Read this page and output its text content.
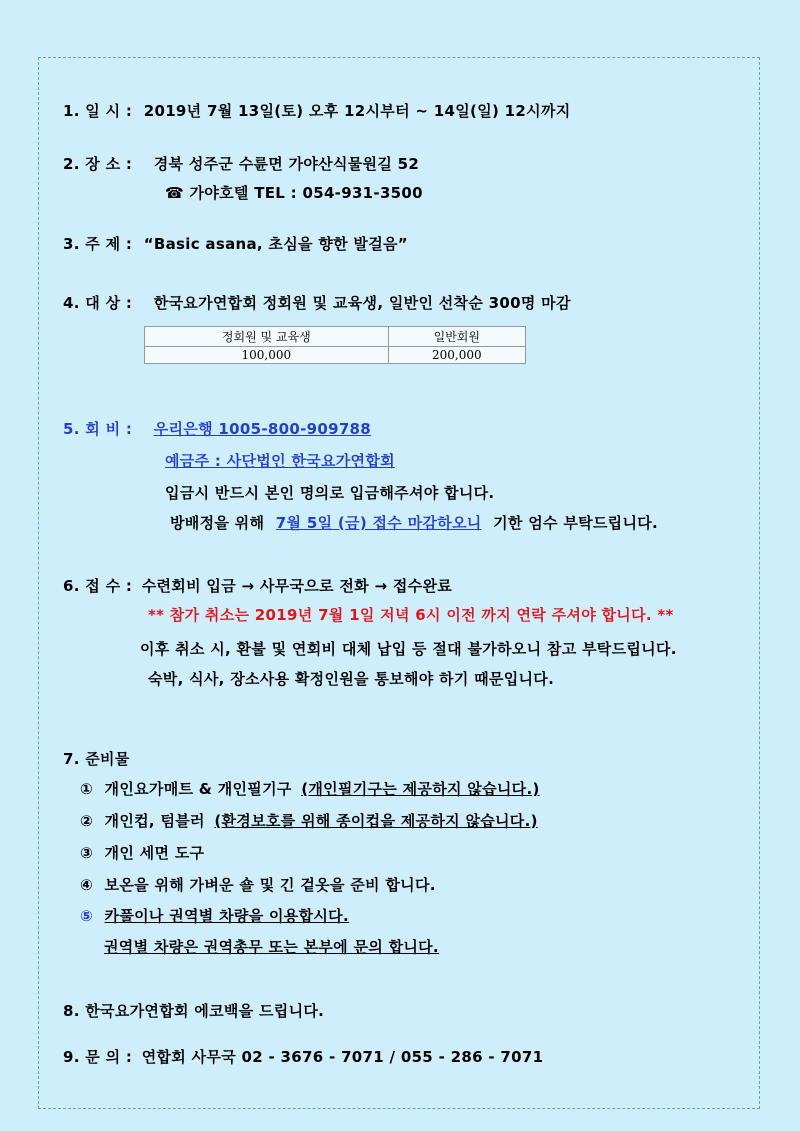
1. 일 시 : 2019년 7월 13일(토) 오후 12시부터 ~ 14일(일) 12시까지
2. 장 소 : 경북 성주군 수륜면 가야산식물원길 52
☎ 가야호텔 TEL : 054-931-3500
3. 주 제 : “Basic asana, 초심을 향한 발걸음”
4. 대 상 : 한국요가연합회 정회원 및 교육생, 일반인 선착순 300명 마감
정회원 및 교육생	일반회원
100,000	200,000
5. 회 비 : 우리은행 1005-800-909788
예금주 : 사단법인 한국요가연합회
입금시 반드시 본인 명의로 입금해주셔야 합니다.
방배정을 위해 7월 5일 (금) 접수 마감하오니 기한 엄수 부탁드립니다.
6. 접 수 : 수련회비 입금 → 사무국으로 전화 → 접수완료
** 참가 취소는 2019년 7월 1일 저녁 6시 이전 까지 연락 주셔야 합니다. **
이후 취소 시, 환불 및 연회비 대체 납입 등 절대 불가하오니 참고 부탁드립니다.
숙박, 식사, 장소사용 확정인원을 통보해야 하기 때문입니다.
7. 준비물
① 개인요가매트 & 개인필기구 (개인필기구는 제공하지 않습니다.)
② 개인컵, 텀블러 (환경보호를 위해 종이컵을 제공하지 않습니다.)
③ 개인 세면 도구
④ 보온을 위해 가벼운 숄 및 긴 겉옷을 준비 합니다.
⑤ 카풀이나 권역별 차량을 이용합시다.
권역별 차량은 권역총무 또는 본부에 문의 합니다.
8. 한국요가연합회 에코백을 드립니다.
9. 문 의 : 연합회 사무국 02 - 3676 - 7071 / 055 - 286 - 7071
